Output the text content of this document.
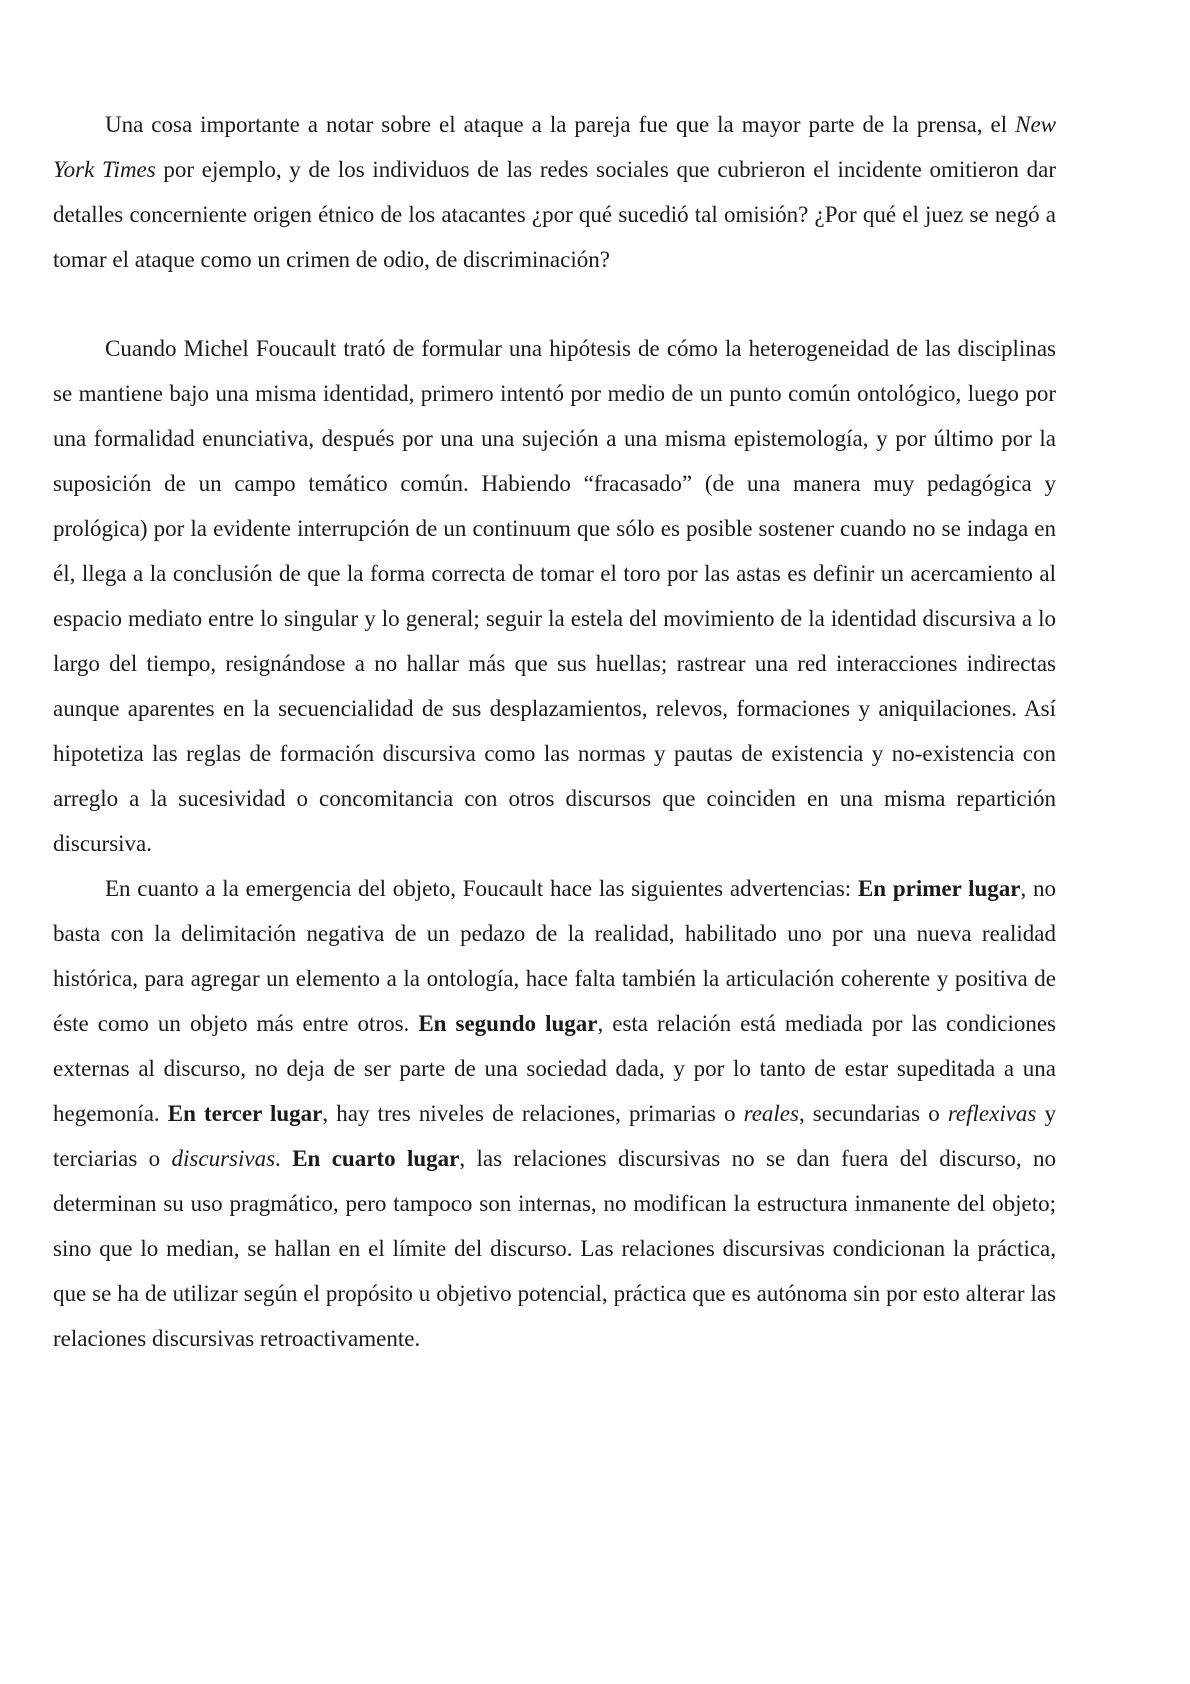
Una cosa importante a notar sobre el ataque a la pareja fue que la mayor parte de la prensa, el New York Times por ejemplo, y de los individuos de las redes sociales que cubrieron el incidente omitieron dar detalles concerniente origen étnico de los atacantes ¿por qué sucedió tal omisión? ¿Por qué el juez se negó a tomar el ataque como un crimen de odio, de discriminación?

Cuando Michel Foucault trató de formular una hipótesis de cómo la heterogeneidad de las disciplinas se mantiene bajo una misma identidad, primero intentó por medio de un punto común ontológico, luego por una formalidad enunciativa, después por una una sujeción a una misma epistemología, y por último por la suposición de un campo temático común. Habiendo “fracasado” (de una manera muy pedagógica y prológica) por la evidente interrupción de un continuum que sólo es posible sostener cuando no se indaga en él, llega a la conclusión de que la forma correcta de tomar el toro por las astas es definir un acercamiento al espacio mediato entre lo singular y lo general; seguir la estela del movimiento de la identidad discursiva a lo largo del tiempo, resignándose a no hallar más que sus huellas; rastrear una red interacciones indirectas aunque aparentes en la secuencialidad de sus desplazamientos, relevos, formaciones y aniquilaciones. Así hipotetiza las reglas de formación discursiva como las normas y pautas de existencia y no-existencia con arreglo a la sucesividad o concomitancia con otros discursos que coinciden en una misma repartición discursiva.

En cuanto a la emergencia del objeto, Foucault hace las siguientes advertencias: En primer lugar, no basta con la delimitación negativa de un pedazo de la realidad, habilitado uno por una nueva realidad histórica, para agregar un elemento a la ontología, hace falta también la articulación coherente y positiva de éste como un objeto más entre otros. En segundo lugar, esta relación está mediada por las condiciones externas al discurso, no deja de ser parte de una sociedad dada, y por lo tanto de estar supeditada a una hegemonía. En tercer lugar, hay tres niveles de relaciones, primarias o reales, secundarias o reflexivas y terciarias o discursivas. En cuarto lugar, las relaciones discursivas no se dan fuera del discurso, no determinan su uso pragmático, pero tampoco son internas, no modifican la estructura inmanente del objeto; sino que lo median, se hallan en el límite del discurso. Las relaciones discursivas condicionan la práctica, que se ha de utilizar según el propósito u objetivo potencial, práctica que es autónoma sin por esto alterar las relaciones discursivas retroactivamente.
